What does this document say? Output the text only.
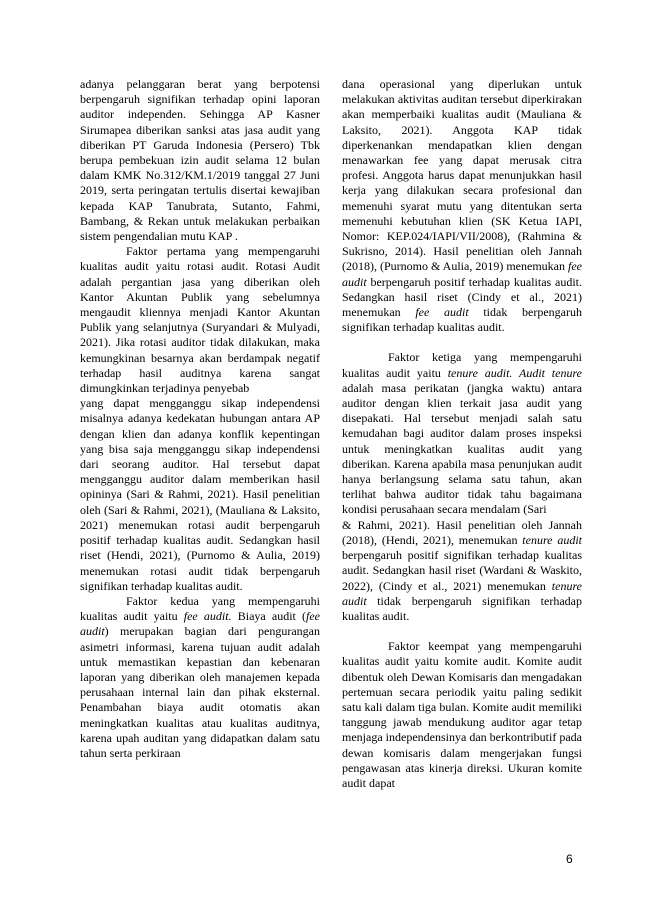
adanya pelanggaran berat yang berpotensi berpengaruh signifikan terhadap opini laporan auditor independen. Sehingga AP Kasner Sirumapea diberikan sanksi atas jasa audit yang diberikan PT Garuda Indonesia (Persero) Tbk berupa pembekuan izin audit selama 12 bulan dalam KMK No.312/KM.1/2019 tanggal 27 Juni 2019, serta peringatan tertulis disertai kewajiban kepada KAP Tanubrata, Sutanto, Fahmi, Bambang, & Rekan untuk melakukan perbaikan sistem pengendalian mutu KAP .

Faktor pertama yang mempengaruhi kualitas audit yaitu rotasi audit. Rotasi Audit adalah pergantian jasa yang diberikan oleh Kantor Akuntan Publik yang sebelumnya mengaudit kliennya menjadi Kantor Akuntan Publik yang selanjutnya (Suryandari & Mulyadi, 2021). Jika rotasi auditor tidak dilakukan, maka kemungkinan besarnya akan berdampak negatif terhadap hasil auditnya karena sangat dimungkinkan terjadinya penyebab

yang dapat mengganggu sikap independensi misalnya adanya kedekatan hubungan antara AP dengan klien dan adanya konflik kepentingan yang bisa saja mengganggu sikap independensi dari seorang auditor. Hal tersebut dapat mengganggu auditor dalam memberikan hasil opininya (Sari & Rahmi, 2021). Hasil penelitian oleh (Sari & Rahmi, 2021), (Mauliana & Laksito, 2021) menemukan rotasi audit berpengaruh positif terhadap kualitas audit. Sedangkan hasil riset (Hendi, 2021), (Purnomo & Aulia, 2019) menemukan rotasi audit tidak berpengaruh signifikan terhadap kualitas audit.

Faktor kedua yang mempengaruhi kualitas audit yaitu fee audit. Biaya audit (fee audit) merupakan bagian dari pengurangan asimetri informasi, karena tujuan audit adalah untuk memastikan kepastian dan kebenaran laporan yang diberikan oleh manajemen kepada perusahaan internal lain dan pihak eksternal. Penambahan biaya audit otomatis akan meningkatkan kualitas atau kualitas auditnya, karena upah auditan yang didapatkan dalam satu tahun serta perkiraan

dana operasional yang diperlukan untuk melakukan aktivitas auditan tersebut diperkirakan akan memperbaiki kualitas audit (Mauliana & Laksito, 2021). Anggota KAP tidak diperkenankan mendapatkan klien dengan menawarkan fee yang dapat merusak citra profesi. Anggota harus dapat menunjukkan hasil kerja yang dilakukan secara profesional dan memenuhi syarat mutu yang ditentukan serta memenuhi kebutuhan klien (SK Ketua IAPI, Nomor: KEP.024/IAPI/VII/2008), (Rahmina & Sukrisno, 2014). Hasil penelitian oleh Jannah (2018), (Purnomo & Aulia, 2019) menemukan fee audit berpengaruh positif terhadap kualitas audit. Sedangkan hasil riset (Cindy et al., 2021) menemukan fee audit tidak berpengaruh signifikan terhadap kualitas audit.

Faktor ketiga yang mempengaruhi kualitas audit yaitu tenure audit. Audit tenure adalah masa perikatan (jangka waktu) antara auditor dengan klien terkait jasa audit yang disepakati. Hal tersebut menjadi salah satu kemudahan bagi auditor dalam proses inspeksi untuk meningkatkan kualitas audit yang diberikan. Karena apabila masa penunjukan audit hanya berlangsung selama satu tahun, akan terlihat bahwa auditor tidak tahu bagaimana kondisi perusahaan secara mendalam (Sari

& Rahmi, 2021). Hasil penelitian oleh Jannah (2018), (Hendi, 2021), menemukan tenure audit berpengaruh positif signifikan terhadap kualitas audit. Sedangkan hasil riset (Wardani & Waskito, 2022), (Cindy et al., 2021) menemukan tenure audit tidak berpengaruh signifikan terhadap kualitas audit.

Faktor keempat yang mempengaruhi kualitas audit yaitu komite audit. Komite audit dibentuk oleh Dewan Komisaris dan mengadakan pertemuan secara periodik yaitu paling sedikit satu kali dalam tiga bulan. Komite audit memiliki tanggung jawab mendukung auditor agar tetap menjaga independensinya dan berkontributif pada dewan komisaris dalam mengerjakan fungsi pengawasan atas kinerja direksi. Ukuran komite audit dapat

6
